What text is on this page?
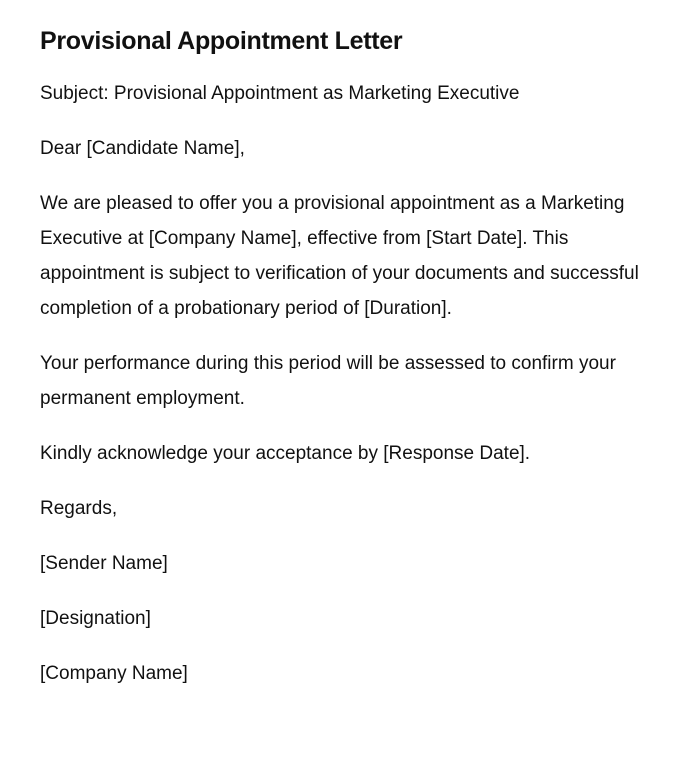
Provisional Appointment Letter

Subject: Provisional Appointment as Marketing Executive

Dear [Candidate Name],

We are pleased to offer you a provisional appointment as a Marketing Executive at [Company Name], effective from [Start Date]. This appointment is subject to verification of your documents and successful completion of a probationary period of [Duration].

Your performance during this period will be assessed to confirm your permanent employment.

Kindly acknowledge your acceptance by [Response Date].

Regards,

[Sender Name]

[Designation]

[Company Name]
